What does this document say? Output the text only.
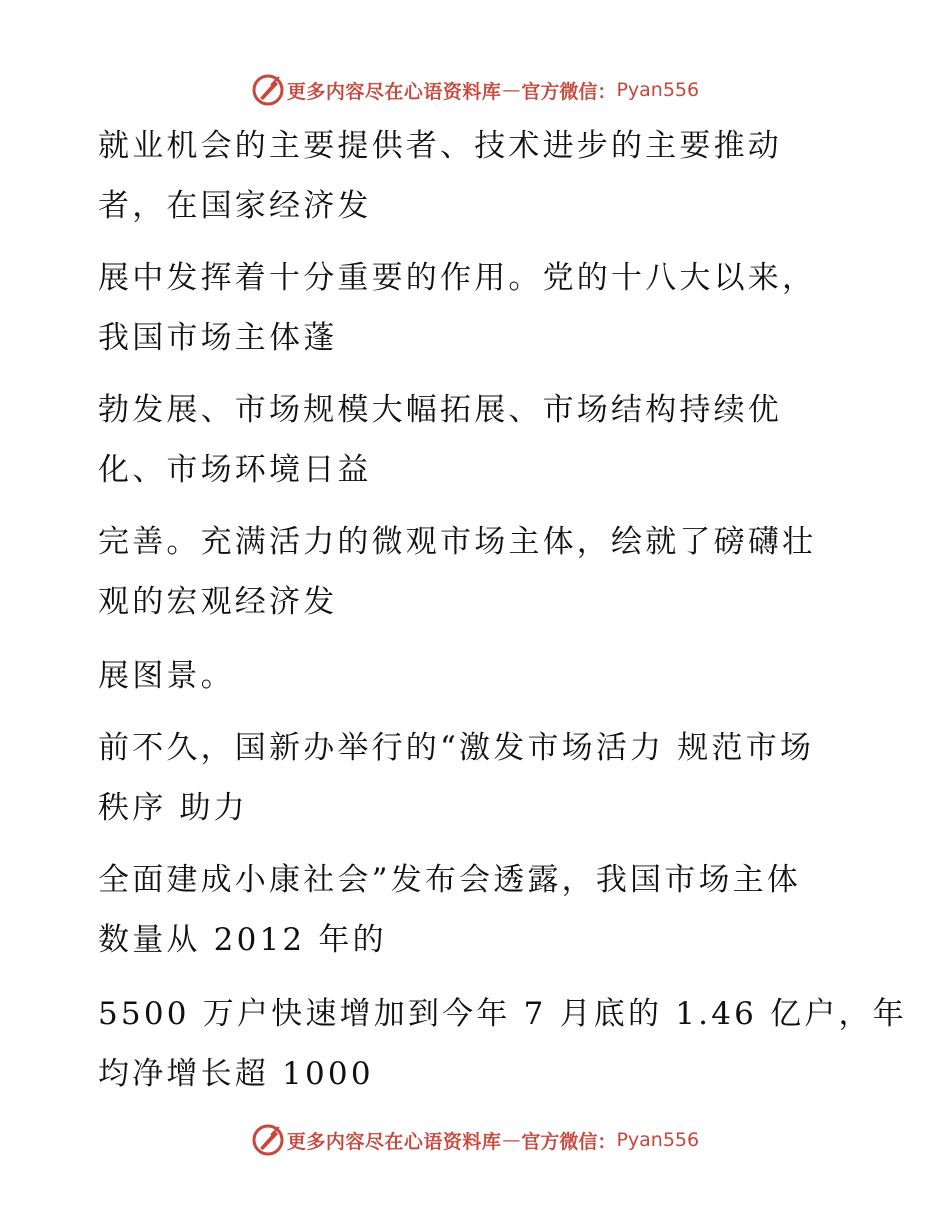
更多内容尽在心语资料库 — 官方微信： Pyan556
就业机会的主要提供者、技术进步的主要推动
者，在国家经济发
展中发挥着十分重要的作用。党的十八大以来，
我国市场主体蓬
勃发展、市场规模大幅拓展、市场结构持续优
化、市场环境日益
完善。充满活力的微观市场主体，绘就了磅礴壮
观的宏观经济发
展图景。
前不久，国新办举行的“激发市场活力 规范市场
秩序 助力
全面建成小康社会”发布会透露，我国市场主体
数量从 2012 年的
5500 万户快速增加到今年 7 月底的 1.46 亿户，年
均净增长超 1000
更多内容尽在心语资料库 — 官方微信： Pyan556
